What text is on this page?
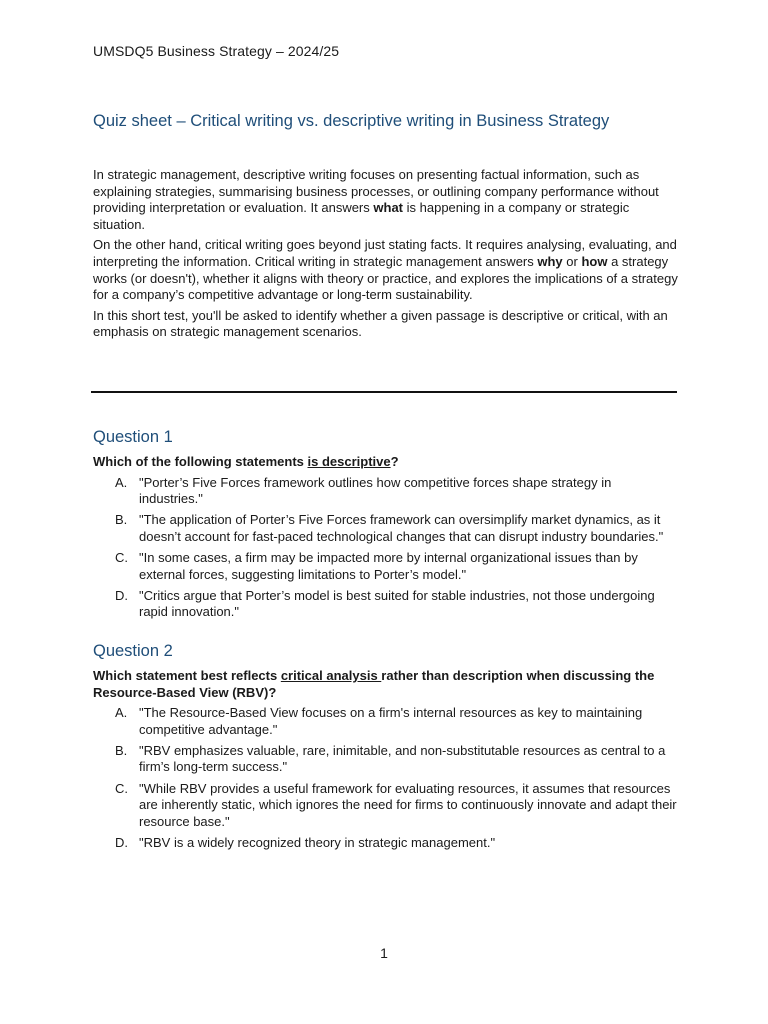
UMSDQ5 Business Strategy – 2024/25
Quiz sheet – Critical writing vs. descriptive writing in Business Strategy

In strategic management, descriptive writing focuses on presenting factual information, such as explaining strategies, summarising business processes, or outlining company performance without providing interpretation or evaluation. It answers what is happening in a company or strategic situation.

On the other hand, critical writing goes beyond just stating facts. It requires analysing, evaluating, and interpreting the information. Critical writing in strategic management answers why or how a strategy works (or doesn't), whether it aligns with theory or practice, and explores the implications of a strategy for a company’s competitive advantage or long-term sustainability.

In this short test, you'll be asked to identify whether a given passage is descriptive or critical, with an emphasis on strategic management scenarios.

Question 1
Which of the following statements is descriptive?
A. "Porter’s Five Forces framework outlines how competitive forces shape strategy in industries."
B. "The application of Porter’s Five Forces framework can oversimplify market dynamics, as it doesn’t account for fast-paced technological changes that can disrupt industry boundaries."
C. "In some cases, a firm may be impacted more by internal organizational issues than by external forces, suggesting limitations to Porter’s model."
D. "Critics argue that Porter’s model is best suited for stable industries, not those undergoing rapid innovation."
Question 2
Which statement best reflects critical analysis rather than description when discussing the Resource-Based View (RBV)?
A. "The Resource-Based View focuses on a firm's internal resources as key to maintaining competitive advantage."
B. "RBV emphasizes valuable, rare, inimitable, and non-substitutable resources as central to a firm’s long-term success."
C. "While RBV provides a useful framework for evaluating resources, it assumes that resources are inherently static, which ignores the need for firms to continuously innovate and adapt their resource base."
D. "RBV is a widely recognized theory in strategic management."
1
